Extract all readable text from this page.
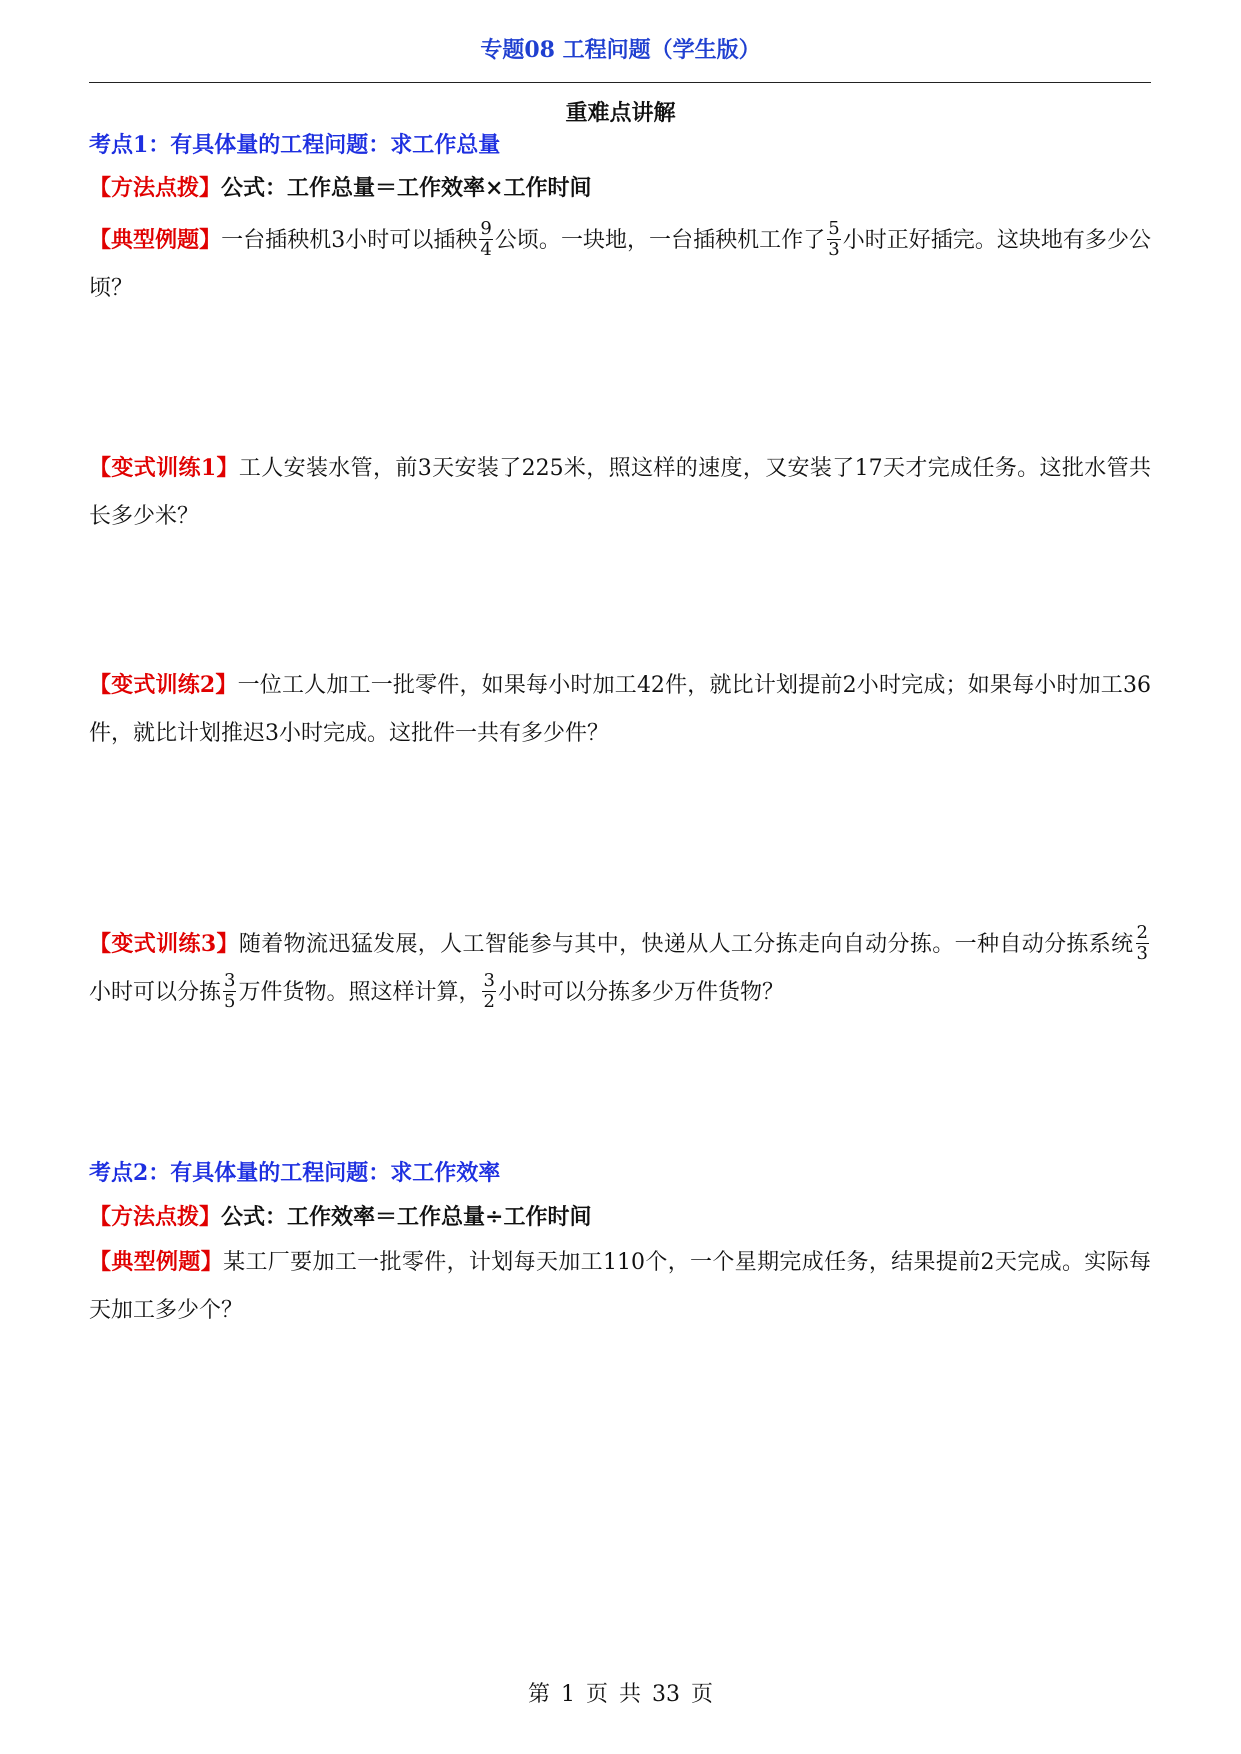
专题08 工程问题（学生版）
重难点讲解
考点1：有具体量的工程问题：求工作总量
【方法点拨】公式：工作总量＝工作效率×工作时间
【典型例题】一台插秧机3小时可以插秧 $\frac{9}{4}$ 公顷。一块地，一台插秧机工作了 $\frac{5}{3}$ 小时正好插完。这块地有多少公顷？
【变式训练1】工人安装水管，前3天安装了225米，照这样的速度，又安装了17天才完成任务。这批水管共长多少米？
【变式训练2】一位工人加工一批零件，如果每小时加工42件，就比计划提前2小时完成；如果每小时加工36件，就比计划推迟3小时完成。这批件一共有多少件？
【变式训练3】随着物流迅猛发展，人工智能参与其中，快递从人工分拣走向自动分拣。一种自动分拣系统 $\frac{2}{3}$
小时可以分拣 $\frac{3}{5}$ 万件货物。照这样计算， $\frac{3}{2}$ 小时可以分拣多少万件货物？
考点2：有具体量的工程问题：求工作效率
【方法点拨】公式：工作效率＝工作总量÷工作时间
【典型例题】某工厂要加工一批零件，计划每天加工110个，一个星期完成任务，结果提前2天完成。实际每天加工多少个？
第 1 页 共 33 页
